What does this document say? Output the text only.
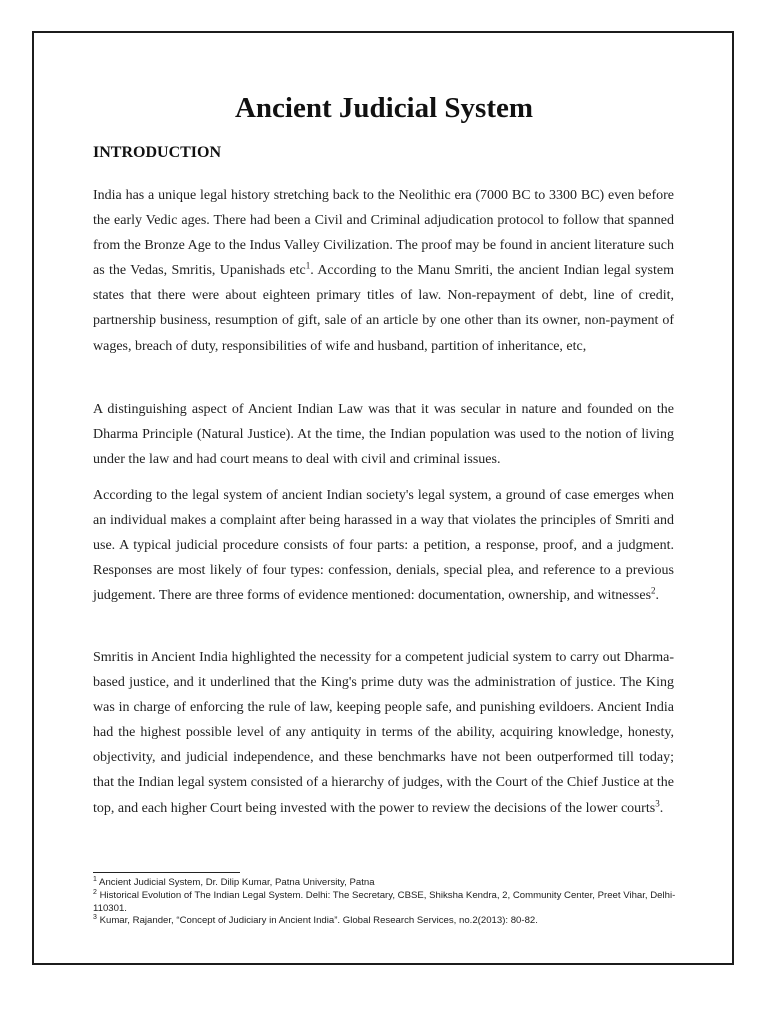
Ancient Judicial System
INTRODUCTION

India has a unique legal history stretching back to the Neolithic era (7000 BC to 3300 BC) even before the early Vedic ages. There had been a Civil and Criminal adjudication protocol to follow that spanned from the Bronze Age to the Indus Valley Civilization. The proof may be found in ancient literature such as the Vedas, Smritis, Upanishads etc$^1$. According to the Manu Smriti, the ancient Indian legal system states that there were about eighteen primary titles of law. Non-repayment of debt, line of credit, partnership business, resumption of gift, sale of an article by one other than its owner, non-payment of wages, breach of duty, responsibilities of wife and husband, partition of inheritance, etc,

A distinguishing aspect of Ancient Indian Law was that it was secular in nature and founded on the Dharma Principle (Natural Justice). At the time, the Indian population was used to the notion of living under the law and had court means to deal with civil and criminal issues.

According to the legal system of ancient Indian society's legal system, a ground of case emerges when an individual makes a complaint after being harassed in a way that violates the principles of Smriti and use. A typical judicial procedure consists of four parts: a petition, a response, proof, and a judgment. Responses are most likely of four types: confession, denials, special plea, and reference to a previous judgement. There are three forms of evidence mentioned: documentation, ownership, and witnesses$^2$.

Smritis in Ancient India highlighted the necessity for a competent judicial system to carry out Dharma-based justice, and it underlined that the King's prime duty was the administration of justice. The King was in charge of enforcing the rule of law, keeping people safe, and punishing evildoers. Ancient India had the highest possible level of any antiquity in terms of the ability, acquiring knowledge, honesty, objectivity, and judicial independence, and these benchmarks have not been outperformed till today; that the Indian legal system consisted of a hierarchy of judges, with the Court of the Chief Justice at the top, and each higher Court being invested with the power to review the decisions of the lower courts$^3$.

$^1$ Ancient Judicial System, Dr. Dilip Kumar, Patna University, Patna

$^2$ Historical Evolution of The Indian Legal System. Delhi: The Secretary, CBSE, Shiksha Kendra, 2, Community Center, Preet Vihar, Delhi-110301.

$^3$ Kumar, Rajander, “Concept of Judiciary in Ancient India”. Global Research Services, no.2(2013): 80-82.
